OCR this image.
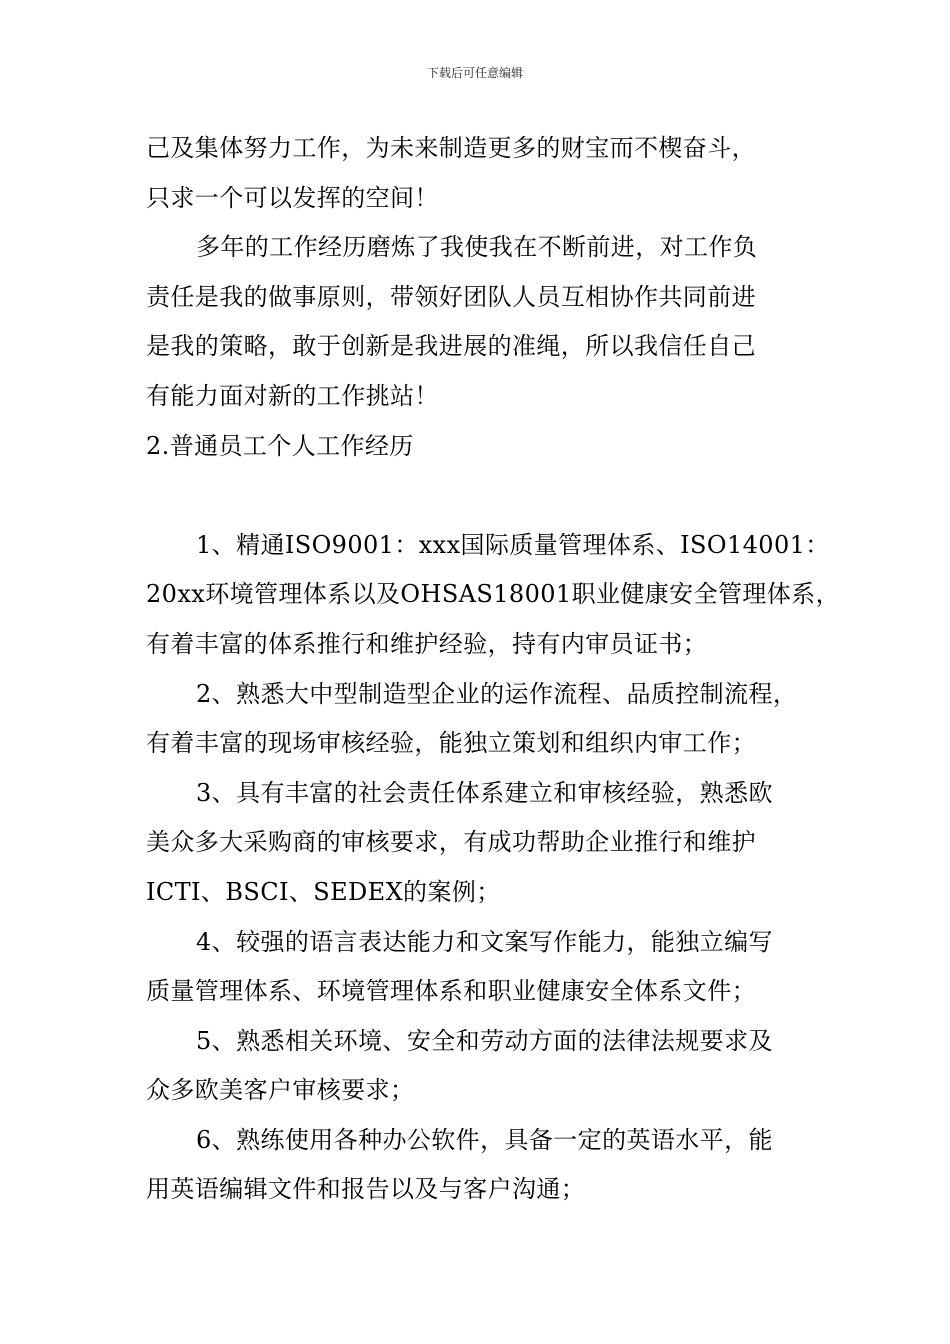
下载后可任意编辑
己及集体努力工作，为未来制造更多的财宝而不楔奋斗，
只求一个可以发挥的空间！
多年的工作经历磨炼了我使我在不断前进，对工作负
责任是我的做事原则，带领好团队人员互相协作共同前进
是我的策略，敢于创新是我进展的准绳，所以我信任自己
有能力面对新的工作挑站！
2.普通员工个人工作经历
1、精通ISO9001：xxx国际质量管理体系、ISO14001：
20xx环境管理体系以及OHSAS18001职业健康安全管理体系，
有着丰富的体系推行和维护经验，持有内审员证书；
2、熟悉大中型制造型企业的运作流程、品质控制流程，
有着丰富的现场审核经验，能独立策划和组织内审工作；
3、具有丰富的社会责任体系建立和审核经验，熟悉欧
美众多大采购商的审核要求，有成功帮助企业推行和维护
ICTI、BSCI、SEDEX的案例；
4、较强的语言表达能力和文案写作能力，能独立编写
质量管理体系、环境管理体系和职业健康安全体系文件；
5、熟悉相关环境、安全和劳动方面的法律法规要求及
众多欧美客户审核要求；
6、熟练使用各种办公软件，具备一定的英语水平，能
用英语编辑文件和报告以及与客户沟通；
